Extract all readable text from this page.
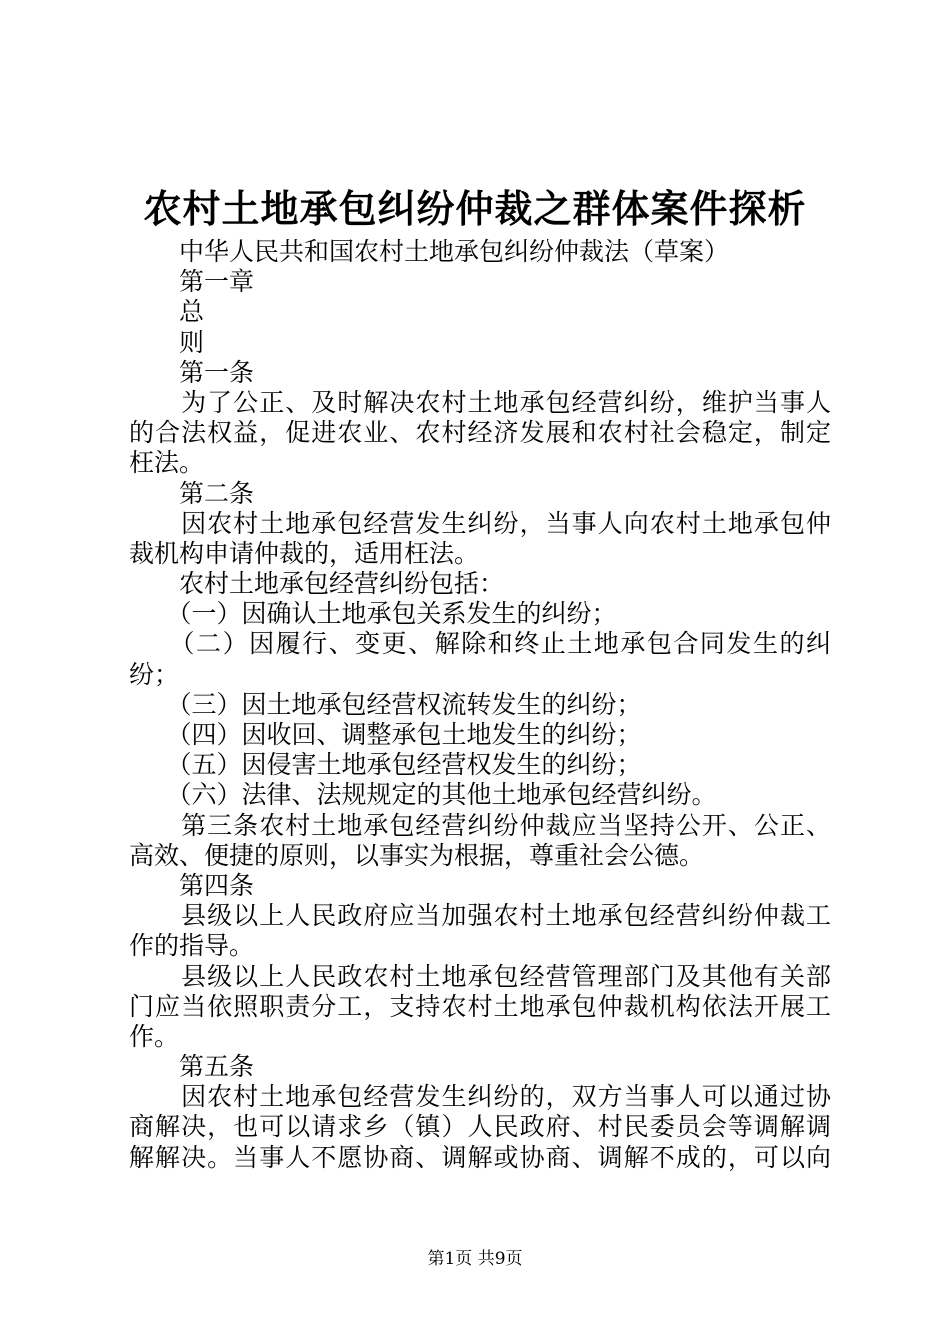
农村土地承包纠纷仲裁之群体案件探析
　　中华人民共和国农村土地承包纠纷仲裁法（草案）
　　第一章
　　总
　　则
　　第一条
　　为了公正、及时解决农村土地承包经营纠纷，维护当事人
的合法权益，促进农业、农村经济发展和农村社会稳定，制定
枉法。
　　第二条
　　因农村土地承包经营发生纠纷，当事人向农村土地承包仲
裁机构申请仲裁的，适用枉法。
　　农村土地承包经营纠纷包括：
　　（一）因确认土地承包关系发生的纠纷；
　　（二）因履行、变更、解除和终止土地承包合同发生的纠
纷；
　　（三）因土地承包经营权流转发生的纠纷；
　　（四）因收回、调整承包土地发生的纠纷；
　　（五）因侵害土地承包经营权发生的纠纷；
　　（六）法律、法规规定的其他土地承包经营纠纷。
　　第三条农村土地承包经营纠纷仲裁应当坚持公开、公正、
高效、便捷的原则，以事实为根据，尊重社会公德。
　　第四条
　　县级以上人民政府应当加强农村土地承包经营纠纷仲裁工
作的指导。
　　县级以上人民政农村土地承包经营管理部门及其他有关部
门应当依照职责分工，支持农村土地承包仲裁机构依法开展工
作。
　　第五条
　　因农村土地承包经营发生纠纷的，双方当事人可以通过协
商解决，也可以请求乡（镇）人民政府、村民委员会等调解调
解解决。当事人不愿协商、调解或协商、调解不成的，可以向
第1页 共9页
